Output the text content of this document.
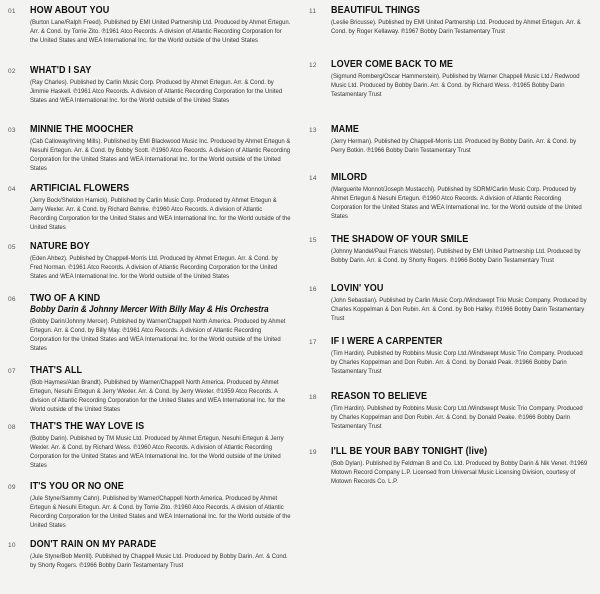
01	HOW ABOUT YOU
(Burton Lane/Ralph Freed). Published by EMI United Partnership Ltd. Produced by Ahmet Ertegun. Arr. & Cond. by Torrie Zito. ℗1961 Atco Records. A division of Atlantic Recording Corporation for the United States and WEA International Inc. for the World outside of the United States
02	WHAT'D I SAY
(Ray Charles). Published by Carlin Music Corp. Produced by Ahmet Ertegun. Arr. & Cond. by Jimmie Haskell. ℗1961 Atco Records. A division of Atlantic Recording Corporation for the United States and WEA International Inc. for the World outside of the United States
03	MINNIE THE MOOCHER
(Cab Calloway/Irving Mills). Published by EMI Blackwood Music Inc. Produced by Ahmet Ertegun & Nesuhi Ertegun. Arr. & Cond. by Bobby Scott. ℗1960 Atco Records. A division of Atlantic Recording Corporation for the United States and WEA International Inc. for the World outside of the United States
04	ARTIFICIAL FLOWERS
(Jerry Bock/Sheldon Harnick). Published by Carlin Music Corp. Produced by Ahmet Ertegun & Jerry Wexler. Arr. & Cond. by Richard Behrke. ℗1960 Atco Records. A division of Atlantic Recording Corporation for the United States and WEA International Inc. for the World outside of the United States
05	NATURE BOY
(Eden Ahbez). Published by Chappell-Morris Ltd. Produced by Ahmet Ertegun. Arr. & Cond. by Fred Norman. ℗1961 Atco Records. A division of Atlantic Recording Corporation for the United States and WEA International Inc. for the World outside of the United States
06	TWO OF A KIND
Bobby Darin & Johnny Mercer With Billy May & His Orchestra
(Bobby Darin/Johnny Mercer). Published by Warner/Chappell North America. Produced by Ahmet Ertegun. Arr. & Cond. by Billy May. ℗1961 Atco Records. A division of Atlantic Recording Corporation for the United States and WEA International Inc. for the World outside of the United States
07	THAT'S ALL
(Bob Haymes/Alan Brandt). Published by Warner/Chappell North America. Produced by Ahmet Ertegun, Nesuhi Ertegun & Jerry Wexler. Arr. & Cond. by Jerry Wexler. ℗1959 Atco Records. A division of Atlantic Recording Corporation for the United States and WEA International Inc. for the World outside of the United States
08	THAT'S THE WAY LOVE IS
(Bobby Darin). Published by TM Music Ltd. Produced by Ahmet Ertegun, Nesuhi Ertegun & Jerry Wexler. Arr. & Cond. by Richard Wess. ℗1960 Atco Records. A division of Atlantic Recording Corporation for the United States and WEA International Inc. for the World outside of the United States
09	IT'S YOU OR NO ONE
(Jule Styne/Sammy Cahn). Published by Warner/Chappell North America. Produced by Ahmet Ertegun & Nesuhi Ertegun. Arr. & Cond. by Torrie Zito. ℗1960 Atco Records. A division of Atlantic Recording Corporation for the United States and WEA International Inc. for the World outside of the United States
10	DON'T RAIN ON MY PARADE
(Jule Styne/Bob Merrill). Published by Chappell Music Ltd. Produced by Bobby Darin. Arr. & Cond. by Shorty Rogers. ℗1966 Bobby Darin Testamentary Trust
11	BEAUTIFUL THINGS
(Leslie Bricusse). Published by EMI United Partnership Ltd. Produced by Ahmet Ertegun. Arr. & Cond. by Roger Kellaway. ℗1967 Bobby Darin Testamentary Trust
12	LOVER COME BACK TO ME
(Sigmund Romberg/Oscar Hammerstein). Published by Warner Chappell Music Ltd./ Redwood Music Ltd. Produced by Bobby Darin. Arr. & Cond. by Richard Wess. ℗1965 Bobby Darin Testamentary Trust
13	MAME
(Jerry Herman). Published by Chappell-Morris Ltd. Produced by Bobby Darin. Arr. & Cond. by Perry Botkin. ℗1966 Bobby Darin Testamentary Trust
14	MILORD
(Marguerite Monnot/Joseph Mustacchi). Published by SDRM/Carlin Music Corp. Produced by Ahmet Ertegun & Nesuhi Ertegun. ℗1960 Atco Records. A division of Atlantic Recording Corporation for the United States and WEA International Inc. for the World outside of the United States
15	THE SHADOW OF YOUR SMILE
(Johnny Mandel/Paul Francis Webster). Published by EMI United Partnership Ltd. Produced by Bobby Darin. Arr. & Cond. by Shorty Rogers. ℗1966 Bobby Darin Testamentary Trust
16	LOVIN' YOU
(John Sebastian). Published by Carlin Music Corp./Windswept Trio Music Company. Produced by Charles Koppelman & Don Rubin. Arr. & Cond. by Bob Halley. ℗1966 Bobby Darin Testamentary Trust
17	IF I WERE A CARPENTER
(Tim Hardin). Published by Robbins Music Corp Ltd./Windswept Music Trio Company. Produced by Charles Koppelman and Don Rubin. Arr. & Cond. by Donald Peak. ℗1966 Bobby Darin Testamentary Trust
18	REASON TO BELIEVE
(Tim Hardin). Published by Robbins Music Corp Ltd./Windswept Music Trio Company. Produced by Charles Koppelman and Don Rubin. Arr. & Cond. by Donald Peake. ℗1966 Bobby Darin Testamentary Trust
19	I'LL BE YOUR BABY TONIGHT (live)
(Bob Dylan). Published by Feldman B and Co. Ltd. Produced by Bobby Darin & Nik Venet. ℗1969 Motown Record Company L.P. Licensed from Universal Music Licensing Division, courtesy of Motown Records Co. L.P.
